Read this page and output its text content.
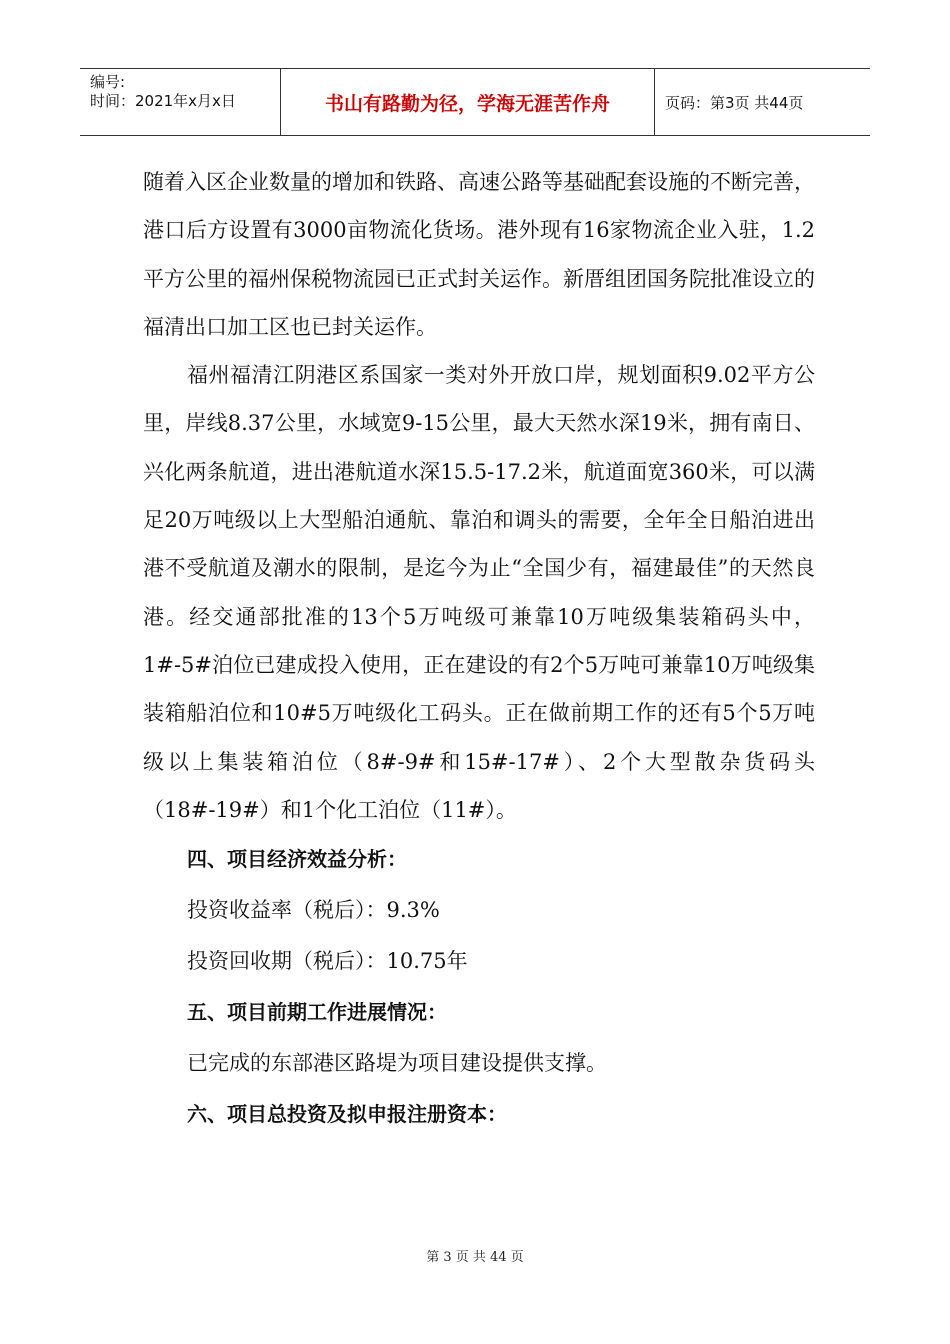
编号:
时间：2021年x月x日	书山有路勤为径，学海无涯苦作舟	页码：第3页 共44页

随着入区企业数量的增加和铁路、高速公路等基础配套设施的不断完善，港口后方设置有3000亩物流化货场。港外现有16家物流企业入驻，1.2平方公里的福州保税物流园已正式封关运作。新厝组团国务院批准设立的福清出口加工区也已封关运作。

福州福清江阴港区系国家一类对外开放口岸，规划面积9.02平方公里，岸线8.37公里，水域宽9-15公里，最大天然水深19米，拥有南日、兴化两条航道，进出港航道水深15.5-17.2米，航道面宽360米，可以满足20万吨级以上大型船泊通航、靠泊和调头的需要，全年全日船泊进出港不受航道及潮水的限制，是迄今为止“全国少有，福建最佳”的天然良港。经交通部批准的13个5万吨级可兼靠10万吨级集装箱码头中，1#-5#泊位已建成投入使用，正在建设的有2个5万吨可兼靠10万吨级集装箱船泊位和10#5万吨级化工码头。正在做前期工作的还有5个5万吨级以上集装箱泊位（8#-9#和15#-17#）、2个大型散杂货码头（18#-19#）和1个化工泊位（11#）。

四、项目经济效益分析：

投资收益率（税后）：9.3%

投资回收期（税后）：10.75年

五、项目前期工作进展情况：

已完成的东部港区路堤为项目建设提供支撑。

六、项目总投资及拟申报注册资本：

第 3 页 共 44 页
